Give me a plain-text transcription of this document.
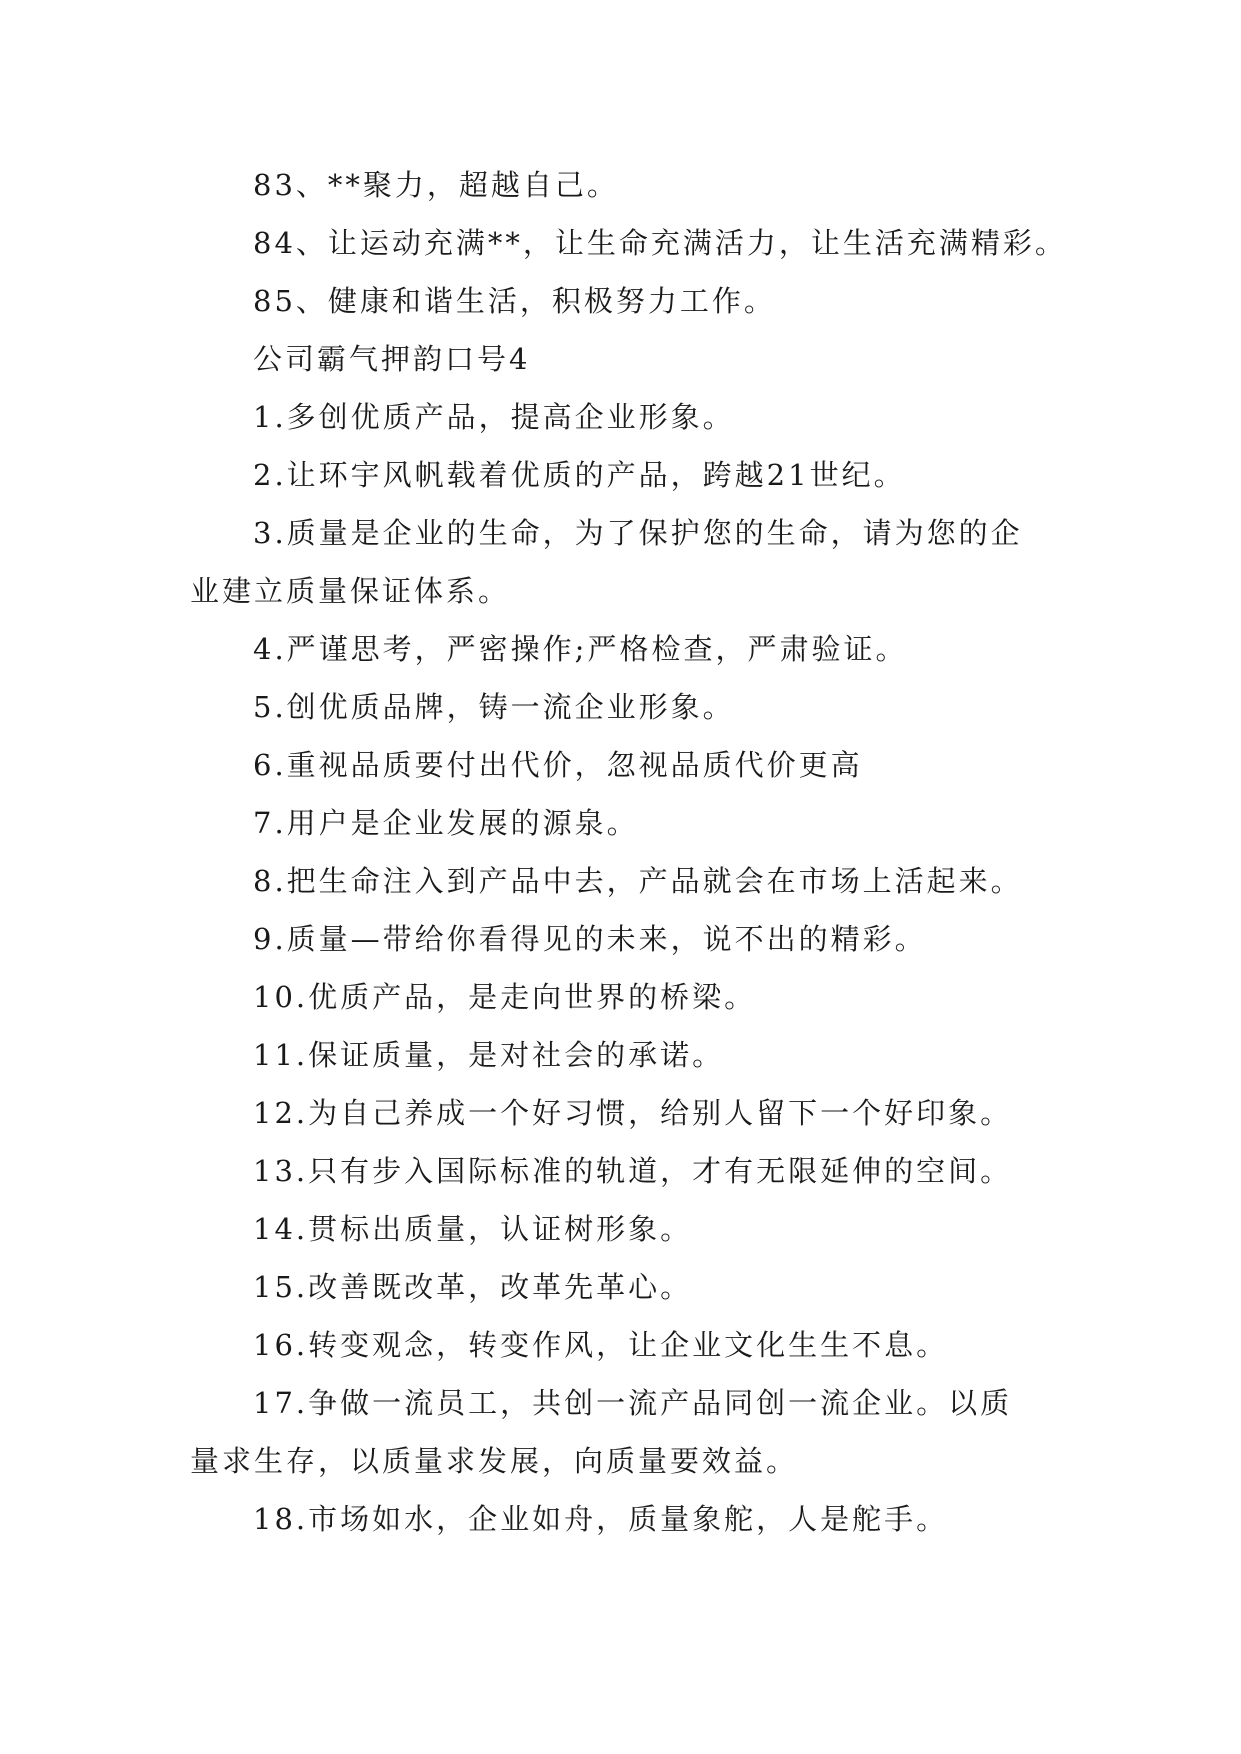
83、**聚力，超越自己。
84、让运动充满**，让生命充满活力，让生活充满精彩。
85、健康和谐生活，积极努力工作。
公司霸气押韵口号4
1.多创优质产品，提高企业形象。
2.让环宇风帆载着优质的产品，跨越21世纪。
3.质量是企业的生命，为了保护您的生命，请为您的企
业建立质量保证体系。
4.严谨思考，严密操作;严格检查，严肃验证。
5.创优质品牌，铸一流企业形象。
6.重视品质要付出代价，忽视品质代价更高
7.用户是企业发展的源泉。
8.把生命注入到产品中去，产品就会在市场上活起来。
9.质量—带给你看得见的未来，说不出的精彩。
10.优质产品，是走向世界的桥梁。
11.保证质量，是对社会的承诺。
12.为自己养成一个好习惯，给别人留下一个好印象。
13.只有步入国际标准的轨道，才有无限延伸的空间。
14.贯标出质量，认证树形象。
15.改善既改革，改革先革心。
16.转变观念，转变作风，让企业文化生生不息。
17.争做一流员工，共创一流产品同创一流企业。以质
量求生存，以质量求发展，向质量要效益。
18.市场如水，企业如舟，质量象舵，人是舵手。
